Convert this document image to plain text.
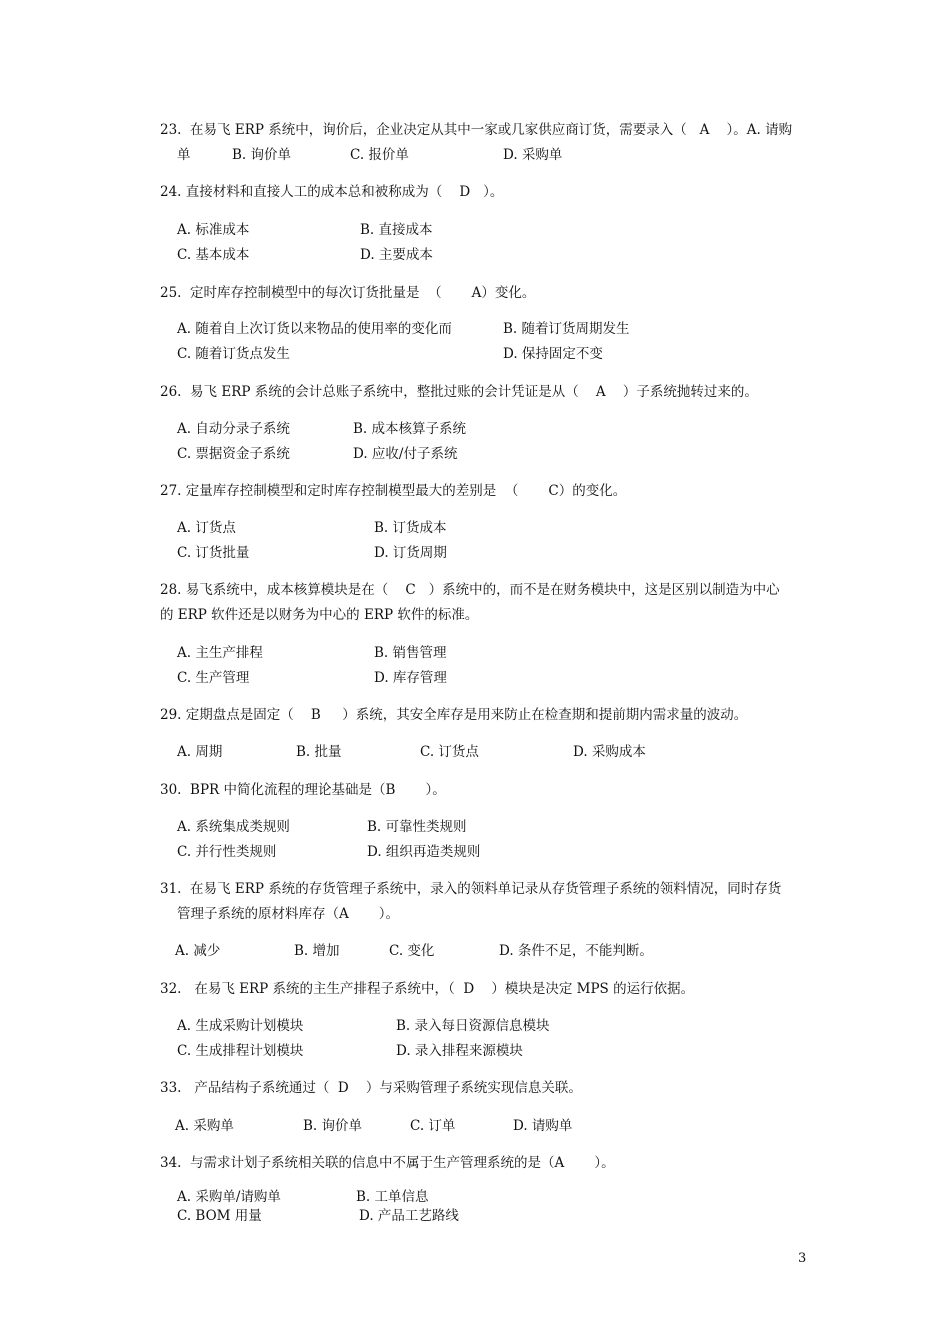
23.  在易飞 ERP 系统中，询价后，企业决定从其中一家或几家供应商订货，需要录入（   A    ）。A. 请购
单	B. 询价单	C. 报价单	D. 采购单
24. 直接材料和直接人工的成本总和被称成为（    D   ）。
A. 标准成本	B. 直接成本
C. 基本成本	D. 主要成本
25.  定时库存控制模型中的每次订货批量是  （       A）变化。
A. 随着自上次订货以来物品的使用率的变化而	B. 随着订货周期发生
C. 随着订货点发生	D. 保持固定不变
26.  易飞 ERP 系统的会计总账子系统中，整批过账的会计凭证是从（    A    ）子系统抛转过来的。
A. 自动分录子系统	B. 成本核算子系统
C. 票据资金子系统	D. 应收/付子系统
27. 定量库存控制模型和定时库存控制模型最大的差别是  （       C）的变化。
A. 订货点	B. 订货成本
C. 订货批量	D. 订货周期
28. 易飞系统中，成本核算模块是在（    C   ）系统中的，而不是在财务模块中，这是区别以制造为中心
的 ERP 软件还是以财务为中心的 ERP 软件的标准。
A. 主生产排程	B. 销售管理
C. 生产管理	D. 库存管理
29. 定期盘点是固定（    B     ）系统，其安全库存是用来防止在检查期和提前期内需求量的波动。
A. 周期	B. 批量	C. 订货点	D. 采购成本
30.  BPR 中简化流程的理论基础是（B       ）。
A. 系统集成类规则	B. 可靠性类规则
C. 并行性类规则	D. 组织再造类规则
31.  在易飞 ERP 系统的存货管理子系统中，录入的领料单记录从存货管理子系统的领料情况，同时存货
管理子系统的原材料库存（A       ）。
A. 减少	B. 增加	C. 变化	D. 条件不足，不能判断。
32.   在易飞 ERP 系统的主生产排程子系统中，（  D    ）模块是决定 MPS 的运行依据。
A. 生成采购计划模块	B. 录入每日资源信息模块
C. 生成排程计划模块	D. 录入排程来源模块
33.   产品结构子系统通过（  D    ）与采购管理子系统实现信息关联。
A. 采购单	B. 询价单	C. 订单	D. 请购单
34.  与需求计划子系统相关联的信息中不属于生产管理系统的是（A       ）。
A. 采购单/请购单	B. 工单信息
C. BOM 用量	D. 产品工艺路线
3
